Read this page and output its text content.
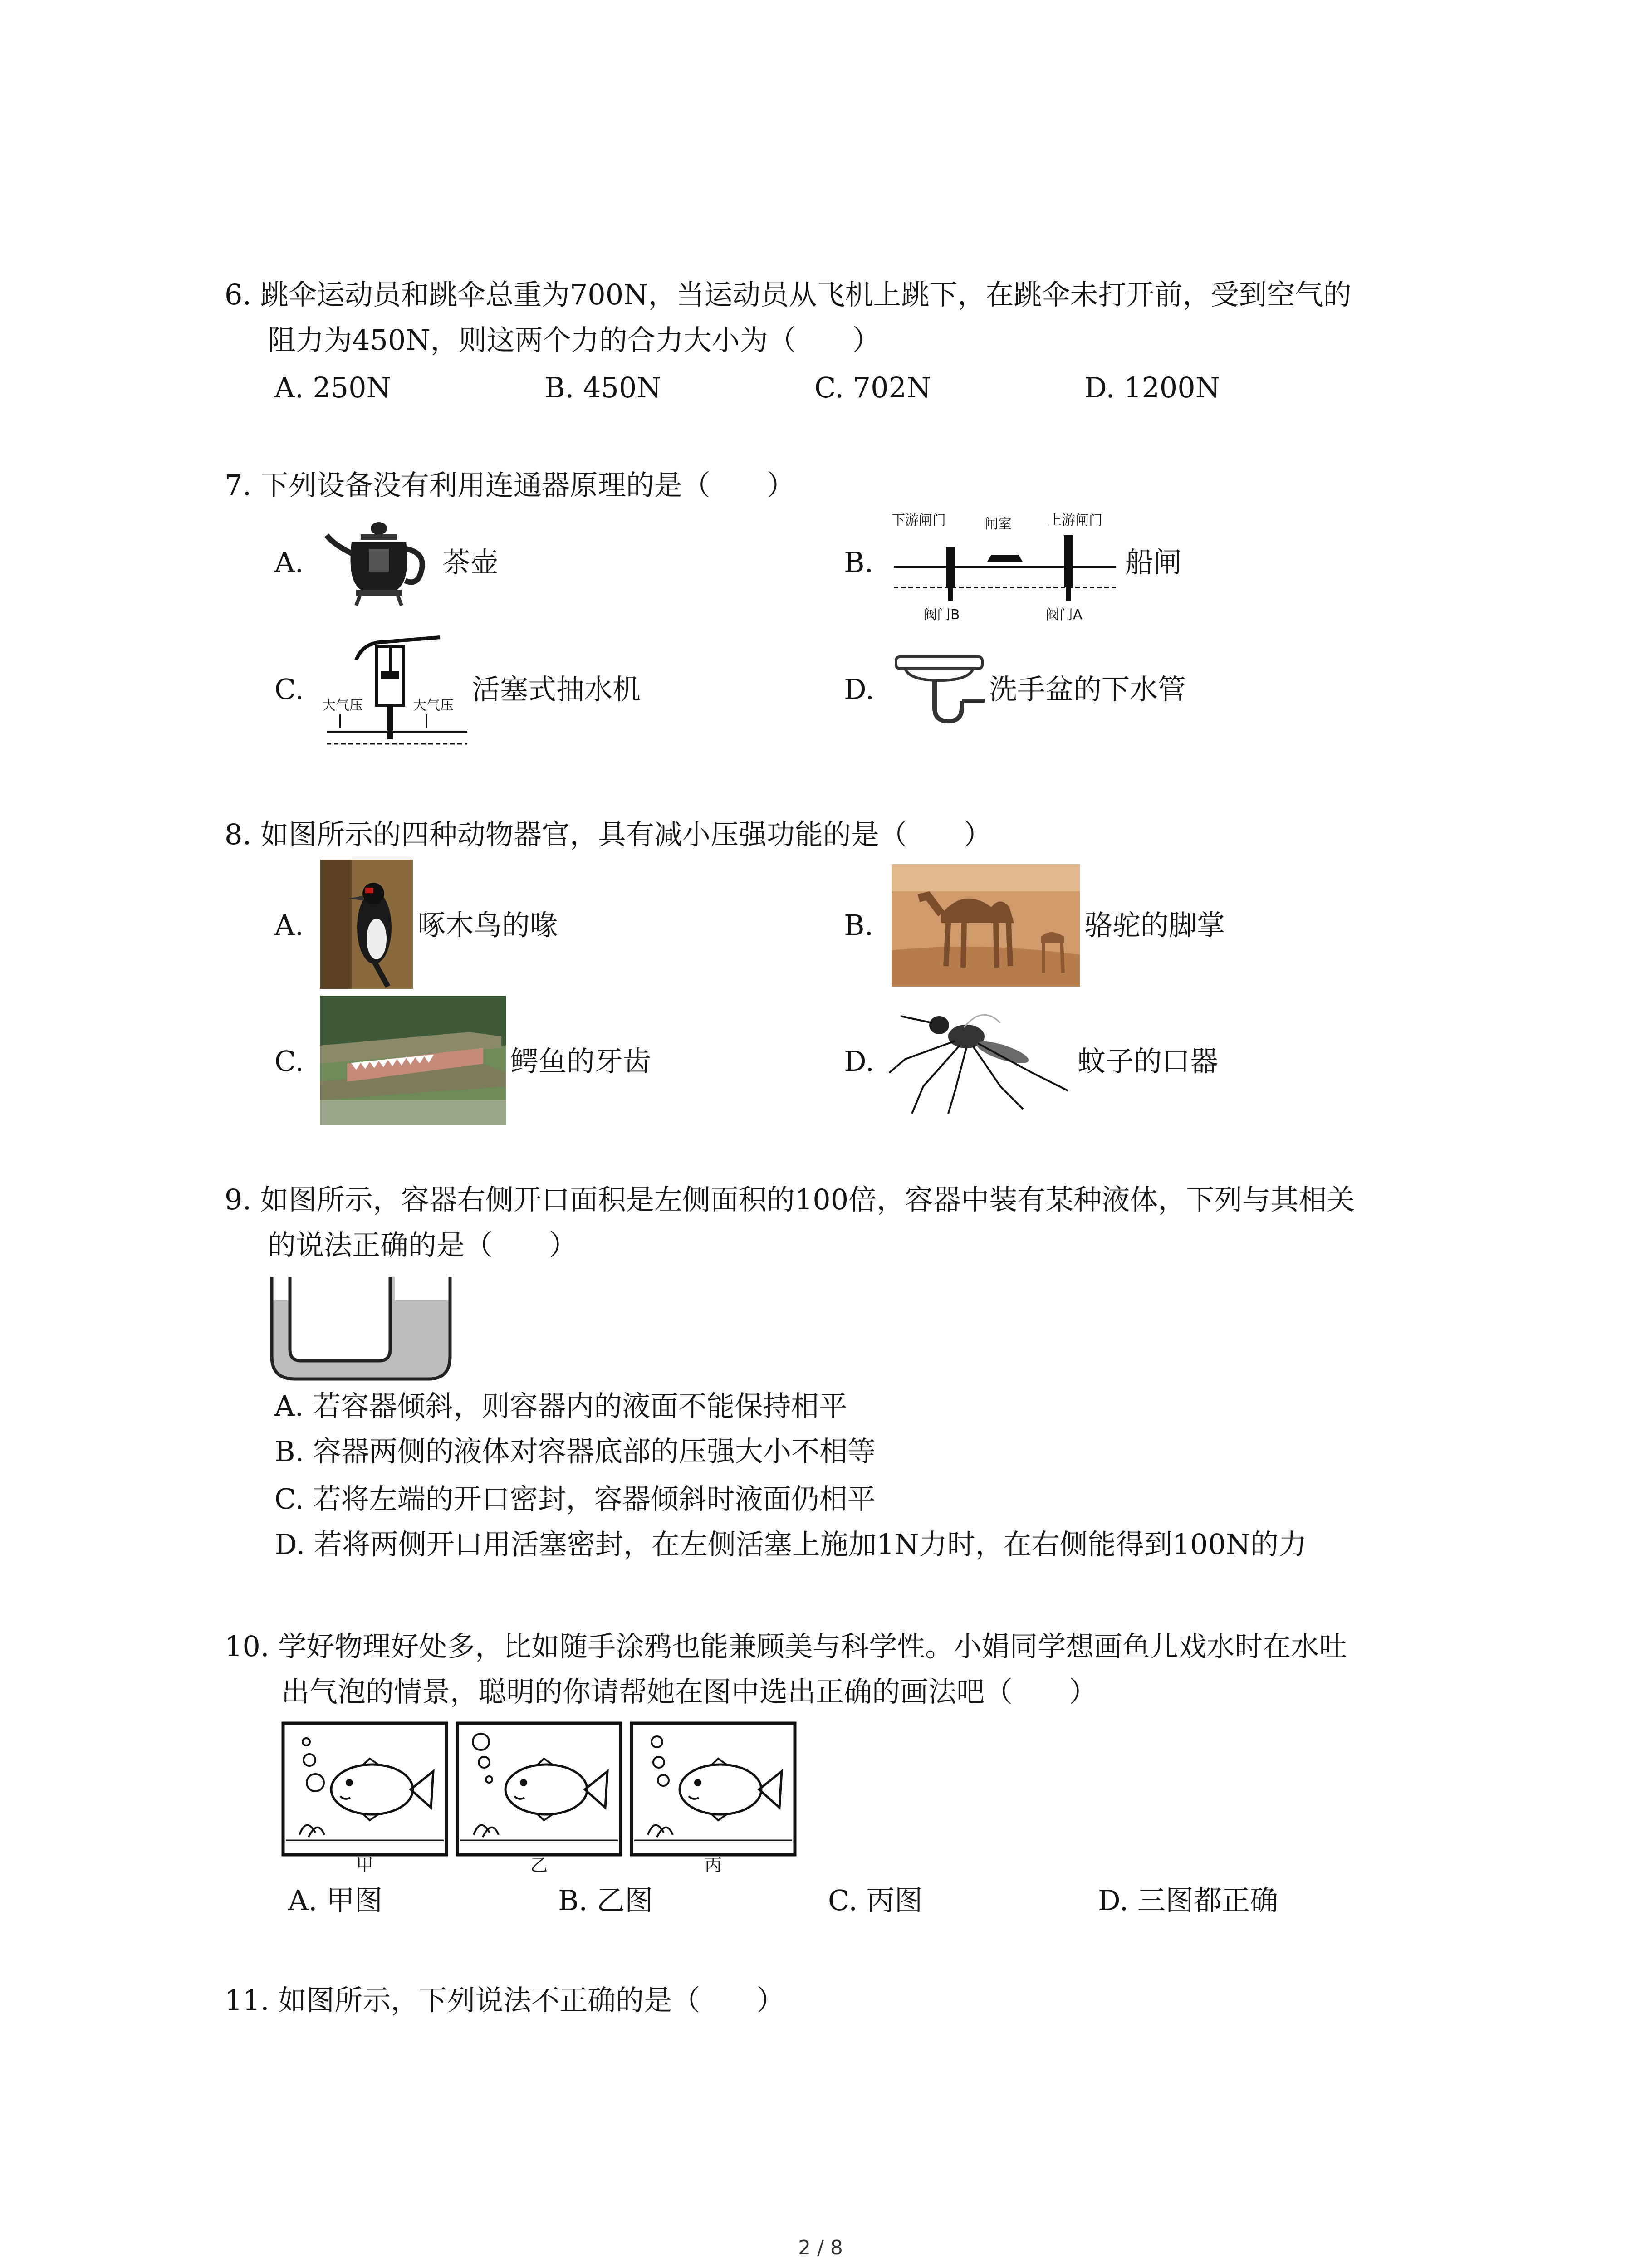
6. 跳伞运动员和跳伞总重为700N，当运动员从飞机上跳下，在跳伞未打开前，受到空气的
阻力为450N，则这两个力的合力大小为（　　）
A. 250N	B. 450N	C. 702N	D. 1200N
7. 下列设备没有利用连通器原理的是（　　）
A.	茶壶	B.
下游闸门	闸室	上游闸门
阀门B	阀门A
船闸
C. 大气压	大气压 活塞式抽水机	D.	洗手盆的下水管
8. 如图所示的四种动物器官，具有减小压强功能的是（　　）
A.	啄木鸟的喙	B.	骆驼的脚掌
C.	鳄鱼的牙齿	D.	蚊子的口器
9. 如图所示，容器右侧开口面积是左侧面积的100倍，容器中装有某种液体，下列与其相关
的说法正确的是（　　）
A. 若容器倾斜，则容器内的液面不能保持相平
B. 容器两侧的液体对容器底部的压强大小不相等
C. 若将左端的开口密封，容器倾斜时液面仍相平
D. 若将两侧开口用活塞密封，在左侧活塞上施加1N力时，在右侧能得到100N的力
10. 学好物理好处多，比如随手涂鸦也能兼顾美与科学性。小娟同学想画鱼儿戏水时在水吐
出气泡的情景，聪明的你请帮她在图中选出正确的画法吧（　　）
甲	乙	丙
A. 甲图	B. 乙图	C. 丙图	D. 三图都正确
11. 如图所示，下列说法不正确的是（　　）
2 / 8
